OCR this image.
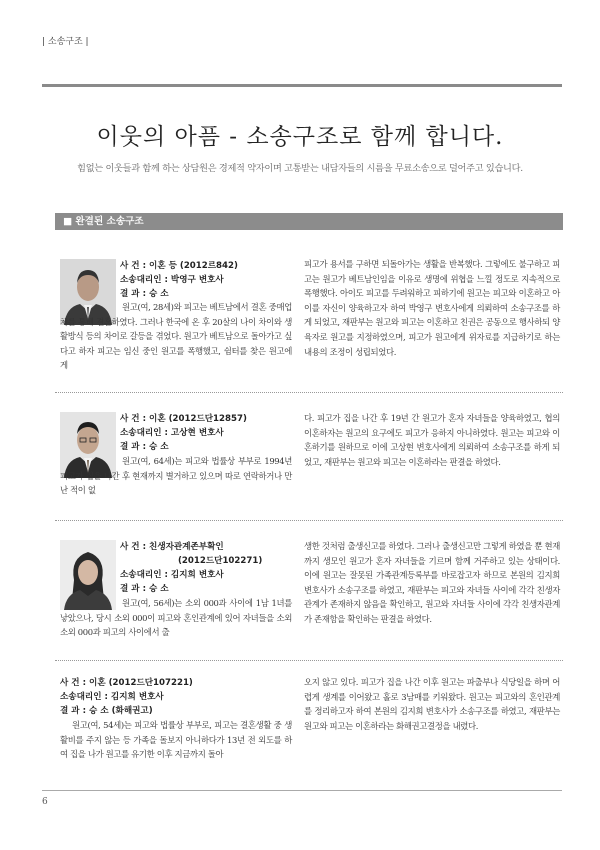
| 소송구조 |
이웃의 아픔 - 소송구조로 함께 합니다.
힘없는 이웃들과 함께 하는 상담원은 경제적 약자이며 고통받는 내담자들의 시름을 무료소송으로 덜어주고 있습니다.
■ 완결된 소송구조
사 건 : 이혼 등 (2012르842)
소송대리인 : 박영구 변호사
결 과 : 승 소
원고(여, 28세)와 피고는 베트남에서 결혼 중매업체를 통해 결혼하였다. 그러나 한국에 온 후 20살의 나이 차이와 생활방식 등의 차이로 갈등을 겪었다. 원고가 베트남으로 돌아가고 싶다고 하자 피고는 임신 중인 원고를 폭행했고, 쉼터를 찾은 원고에게
피고가 용서를 구하면 되돌아가는 생활을 반복했다. 그렇에도 불구하고 피고는 원고가 베트남인임을 이유로 생명에 위협을 느낄 정도로 지속적으로 폭행했다. 아이도 피고를 두려워하고 피하기에 원고는 피고와 이혼하고 아이를 자신이 양육하고자 하여 박영구 변호사에게 의뢰하여 소송구조를 하게 되었고, 재판부는 원고와 피고는 이혼하고 친권은 공동으로 행사하되 양육자로 원고를 지정하였으며, 피고가 원고에게 위자료를 지급하기로 하는 내용의 조정이 성립되었다.
사 건 : 이혼 (2012드단12857)
소송대리인 : 고상현 변호사
결 과 : 승 소
원고(여, 64세)는 피고와 법률상 부부로 1994년 피고가 집을 나간 후 현재까지 별거하고 있으며 따로 연락하거나 만난 적이 없
다. 피고가 집을 나간 후 19년 간 원고가 혼자 자녀들을 양육하였고, 협의이혼하자는 원고의 요구에도 피고가 응하지 아니하였다. 원고는 피고와 이혼하기를 원하므로 이에 고상현 변호사에게 의뢰하여 소송구조를 하게 되었고, 재판부는 원고와 피고는 이혼하라는 판결을 하였다.
사 건 : 친생자관계존부확인
(2012드단102271)
소송대리인 : 김지희 변호사
결 과 : 승 소
원고(여, 56세)는 소외 000과 사이에 1남 1녀를 낳았으나, 당시 소외 000이 피고와 혼인관계에 있어 자녀들을 소외 소외 000과 피고의 사이에서 출
생한 것처럼 출생신고를 하였다. 그러나 출생신고만 그렇게 하였을 뿐 현재까지 생모인 원고가 혼자 자녀들을 기르며 함께 거주하고 있는 상태이다. 이에 원고는 잘못된 가족관계등록부를 바로잡고자 하므로 본원의 김지희 변호사가 소송구조를 하였고, 재판부는 피고와 자녀들 사이에 각각 친생자관계가 존재하지 않음을 확인하고, 원고와 자녀들 사이에 각각 친생자관계가 존재함을 확인하는 판결을 하였다.
사 건 : 이혼 (2012드단107221)
소송대리인 : 김지희 변호사
결 과 : 승 소 (화해권고)
원고(여, 54세)는 피고와 법률상 부부로, 피고는 결혼생활 중 생활비를 주지 않는 등 가족을 돌보지 아니하다가 13년 전 외도를 하여 집을 나가 원고를 유기한 이후 지금까지 돌아
오지 않고 있다. 피고가 집을 나간 이후 원고는 파출부나 식당일을 하며 어렵게 생계를 이어왔고 홀로 3남매를 키워왔다. 원고는 피고와의 혼인관계를 정리하고자 하여 본원의 김지희 변호사가 소송구조를 하였고, 재판부는 원고와 피고는 이혼하라는 화해권고결정을 내렸다.
6
